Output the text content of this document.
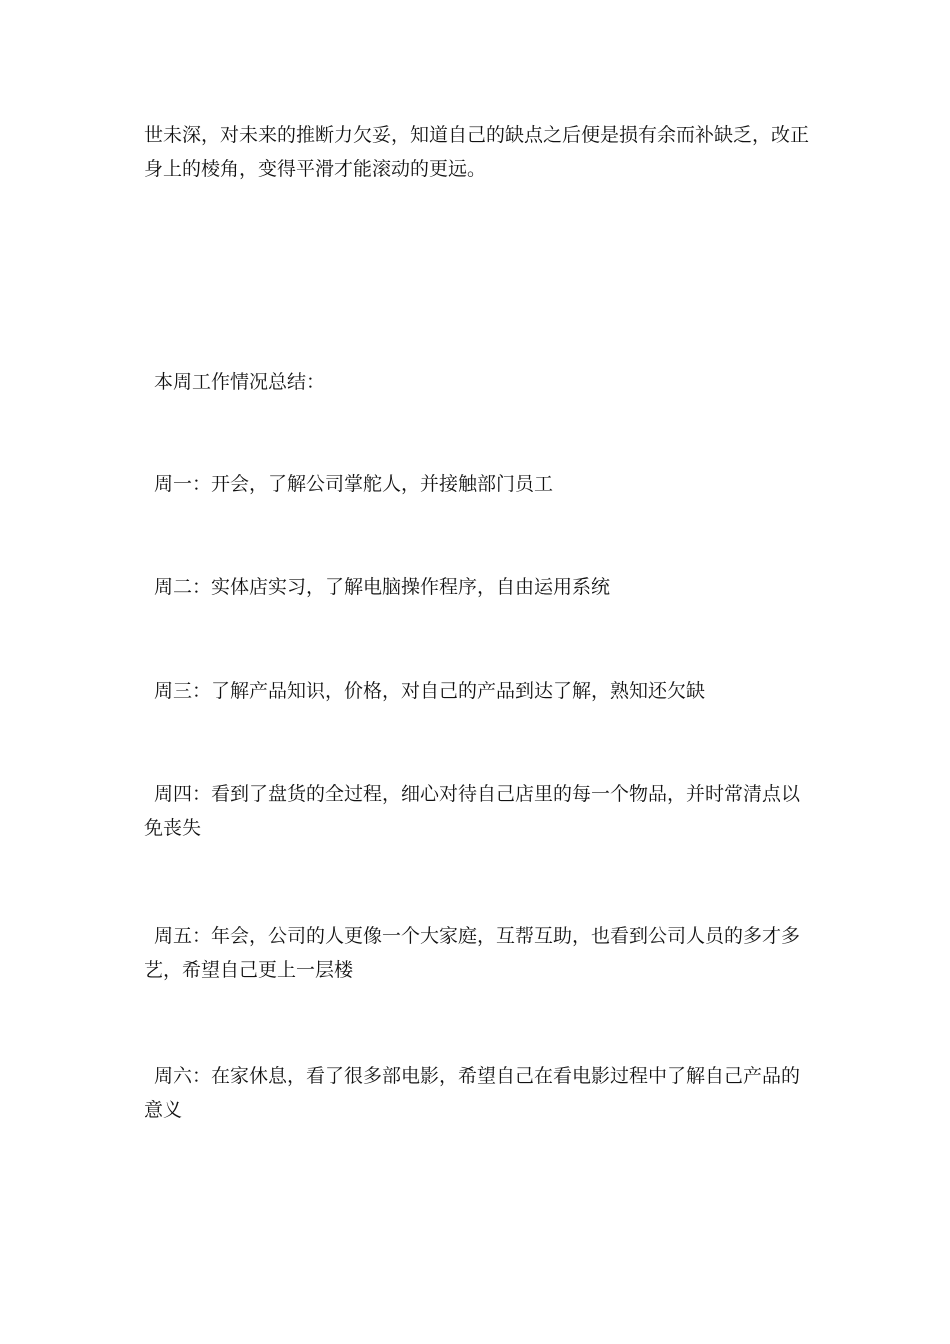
世未深，对未来的推断力欠妥，知道自己的缺点之后便是损有余而补缺乏，改正身上的棱角，变得平滑才能滚动的更远。

本周工作情况总结：

周一：开会，了解公司掌舵人，并接触部门员工

周二：实体店实习，了解电脑操作程序，自由运用系统

周三：了解产品知识，价格，对自己的产品到达了解，熟知还欠缺

周四：看到了盘货的全过程，细心对待自己店里的每一个物品，并时常清点以免丧失

周五：年会，公司的人更像一个大家庭，互帮互助，也看到公司人员的多才多艺，希望自己更上一层楼

周六：在家休息，看了很多部电影，希望自己在看电影过程中了解自己产品的意义
